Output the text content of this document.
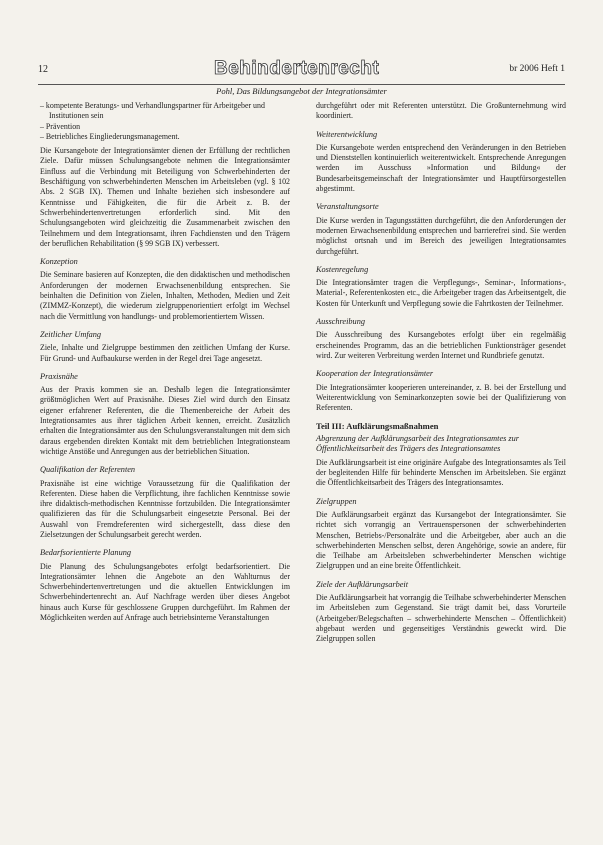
12	Behindertenrecht	br 2006 Heft 1
Pohl, Das Bildungsangebot der Integrationsämter
– kompetente Beratungs- und Verhandlungspartner für Arbeitgeber und Institutionen sein
– Prävention
– Betriebliches Eingliederungsmanagement.

Die Kursangebote der Integrationsämter dienen der Erfüllung der rechtlichen Ziele. Dafür müssen Schulungsangebote nehmen die Integrationsämter Einfluss auf die Verbindung mit Beteiligung von Schwerbehinderten der Beschäftigung von schwerbehinderten Menschen im Arbeitsleben (vgl. § 102 Abs. 2 SGB IX). Themen und Inhalte beziehen sich insbesondere auf Kenntnisse und Fähigkeiten, die für die Arbeit z. B. der Schwerbehindertenvertretungen erforderlich sind. Mit den Schulungsangeboten wird gleichzeitig die Zusammenarbeit zwischen den Teilnehmern und dem Integrationsamt, ihren Fachdiensten und den Trägern der beruflichen Rehabilitation (§ 99 SGB IX) verbessert.

Konzeption

Die Seminare basieren auf Konzepten, die den didaktischen und methodischen Anforderungen der modernen Erwachsenenbildung entsprechen. Sie beinhalten die Definition von Zielen, Inhalten, Methoden, Medien und Zeit (ZIMMZ-Konzept), die wiederum zielgruppenorientiert erfolgt im Wechsel nach die Vermittlung von handlungs- und problemorientiertem Wissen.

Zeitlicher Umfang

Ziele, Inhalte und Zielgruppe bestimmen den zeitlichen Umfang der Kurse. Für Grund- und Aufbaukurse werden in der Regel drei Tage angesetzt.

Praxisnähe

Aus der Praxis kommen sie an. Deshalb legen die Integrationsämter größtmöglichen Wert auf Praxisnähe. Dieses Ziel wird durch den Einsatz eigener erfahrener Referenten, die die Themenbereiche der Arbeit des Integrationsamtes aus ihrer täglichen Arbeit kennen, erreicht. Zusätzlich erhalten die Integrationsämter aus den Schulungsveranstaltungen mit dem sich daraus ergebenden direkten Kontakt mit dem betrieblichen Integrationsteam wichtige Anstöße und Anregungen aus der betrieblichen Situation.

Qualifikation der Referenten

Praxisnähe ist eine wichtige Voraussetzung für die Qualifikation der Referenten. Diese haben die Verpflichtung, ihre fachlichen Kenntnisse sowie ihre didaktisch-methodischen Kenntnisse fortzubilden. Die Integrationsämter qualifizieren das für die Schulungsarbeit eingesetzte Personal. Bei der Auswahl von Fremdreferenten wird sichergestellt, dass diese den Zielsetzungen der Schulungsarbeit gerecht werden.

Bedarfsorientierte Planung

Die Planung des Schulungsangebotes erfolgt bedarfsorientiert. Die Integrationsämter lehnen die Angebote an den Wahlturnus der Schwerbehindertenvertretungen und die aktuellen Entwicklungen im Schwerbehindertenrecht an. Auf Nachfrage werden über dieses Angebot hinaus auch Kurse für geschlossene Gruppen durchgeführt. Im Rahmen der Möglichkeiten werden auf Anfrage auch betriebsinterne Veranstaltungen

durchgeführt oder mit Referenten unterstützt. Die Großunternehmung wird koordiniert.

Weiterentwicklung

Die Kursangebote werden entsprechend den Veränderungen in den Betrieben und Dienststellen kontinuierlich weiterentwickelt. Entsprechende Anregungen werden im Ausschuss »Information und Bildung« der Bundesarbeitsgemeinschaft der Integrationsämter und Hauptfürsorgestellen abgestimmt.

Veranstaltungsorte

Die Kurse werden in Tagungsstätten durchgeführt, die den Anforderungen der modernen Erwachsenenbildung entsprechen und barrierefrei sind. Sie werden möglichst ortsnah und im Bereich des jeweiligen Integrationsamtes durchgeführt.

Kostenregelung

Die Integrationsämter tragen die Verpflegungs-, Seminar-, Informations-, Material-, Referentenkosten etc., die Arbeitgeber tragen das Arbeitsentgelt, die Kosten für Unterkunft und Verpflegung sowie die Fahrtkosten der Teilnehmer.

Ausschreibung

Die Ausschreibung des Kursangebotes erfolgt über ein regelmäßig erscheinendes Programm, das an die betrieblichen Funktionsträger gesendet wird. Zur weiteren Verbreitung werden Internet und Rundbriefe genutzt.

Kooperation der Integrationsämter

Die Integrationsämter kooperieren untereinander, z. B. bei der Erstellung und Weiterentwicklung von Seminarkonzepten sowie bei der Qualifizierung von Referenten.

Teil III: Aufklärungsmaßnahmen
Abgrenzung der Aufklärungsarbeit des Integrationsamtes zur Öffentlichkeitsarbeit des Trägers des Integrationsamtes

Die Aufklärungsarbeit ist eine originäre Aufgabe des Integrationsamtes als Teil der begleitenden Hilfe für behinderte Menschen im Arbeitsleben. Sie ergänzt die Öffentlichkeitsarbeit des Trägers des Integrationsamtes.

Zielgruppen

Die Aufklärungsarbeit ergänzt das Kursangebot der Integrationsämter. Sie richtet sich vorrangig an Vertrauenspersonen der schwerbehinderten Menschen, Betriebs-/Personalräte und die Arbeitgeber, aber auch an die schwerbehinderten Menschen selbst, deren Angehörige, sowie an andere, für die Teilhabe am Arbeitsleben schwerbehinderter Menschen wichtige Zielgruppen und an eine breite Öffentlichkeit.

Ziele der Aufklärungsarbeit

Die Aufklärungsarbeit hat vorrangig die Teilhabe schwerbehinderter Menschen im Arbeitsleben zum Gegenstand. Sie trägt damit bei, dass Vorurteile (Arbeitgeber/Belegschaften – schwerbehinderte Menschen – Öffentlichkeit) abgebaut werden und gegenseitiges Verständnis geweckt wird. Die Zielgruppen sollen
